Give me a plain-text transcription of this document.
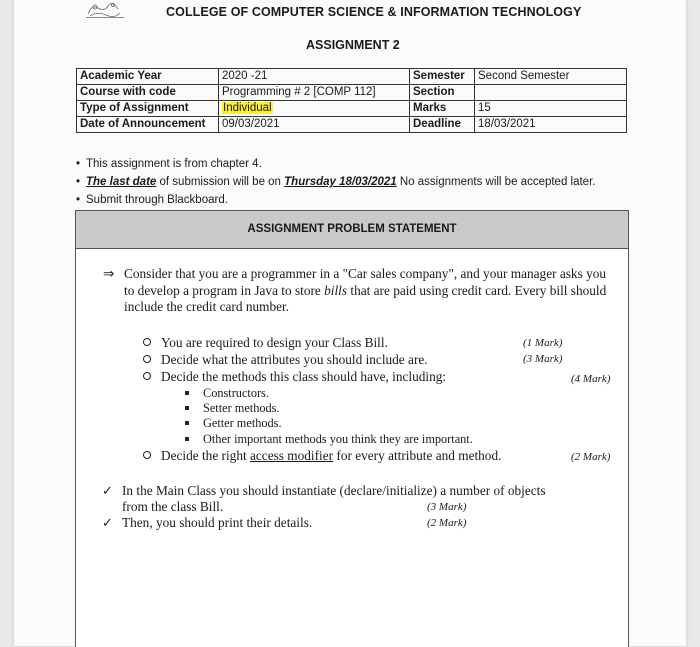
COLLEGE OF COMPUTER SCIENCE & INFORMATION TECHNOLOGY
ASSIGNMENT 2
Academic Year	2020 -21	Semester	Second Semester
Course with code	Programming # 2 [COMP 112]	Section	
Type of Assignment	Individual	Marks	15
Date of Announcement	09/03/2021	Deadline	18/03/2021
• This assignment is from chapter 4.
• The last date of submission will be on Thursday 18/03/2021 No assignments will be accepted later.
• Submit through Blackboard.
ASSIGNMENT PROBLEM STATEMENT
⇒ Consider that you are a programmer in a "Car sales company", and your manager asks you to develop a program in Java to store bills that are paid using credit card. Every bill should include the credit card number.
You are required to design your Class Bill.	(1 Mark)
Decide what the attributes you should include are.	(3 Mark)
Decide the methods this class should have, including:	(4 Mark)
Constructors.
Setter methods.
Getter methods.
Other important methods you think they are important.
Decide the right access modifier for every attribute and method.	(2 Mark)
✓ In the Main Class you should instantiate (declare/initialize) a number of objects
from the class Bill.	(3 Mark)
✓ Then, you should print their details.	(2 Mark)
